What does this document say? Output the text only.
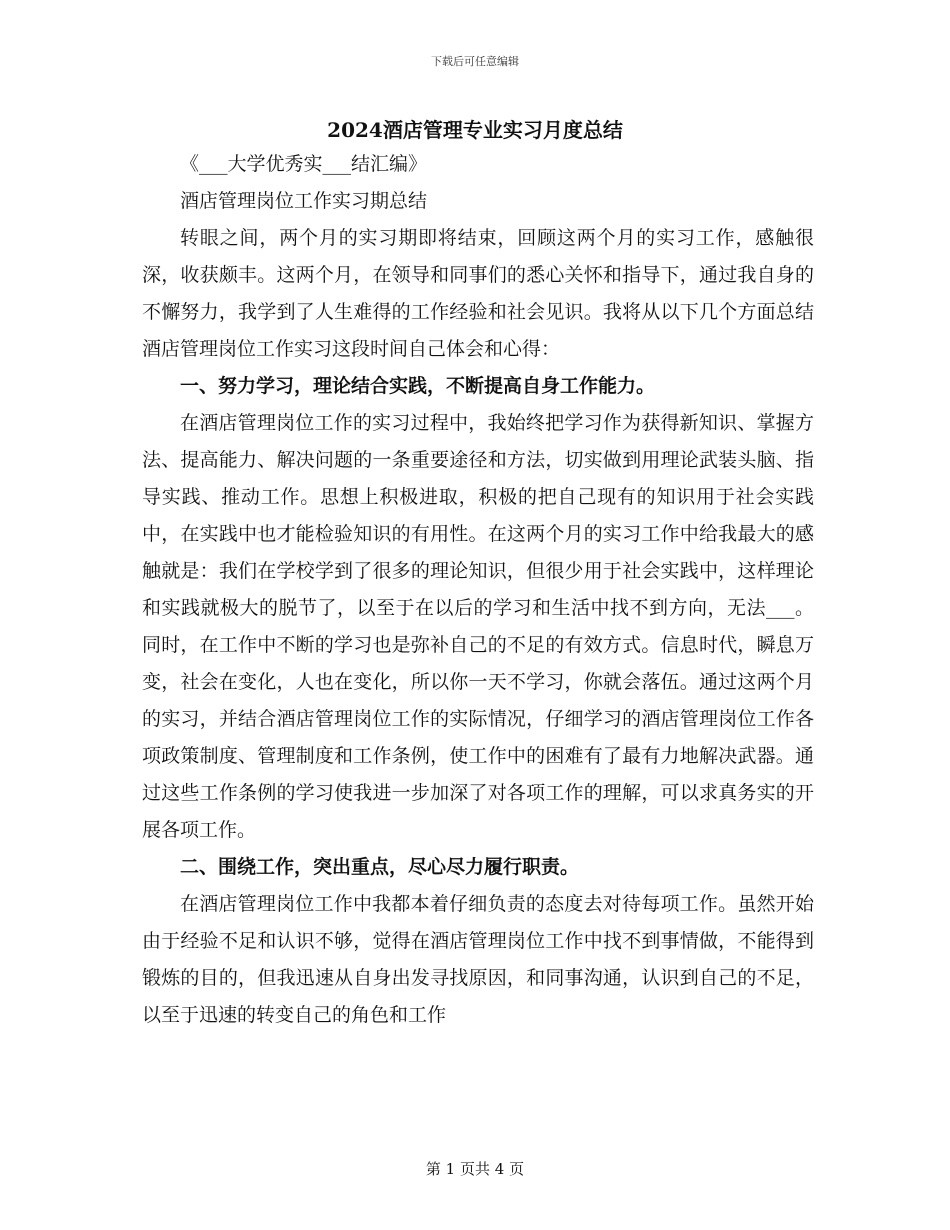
下载后可任意编辑
2024酒店管理专业实习月度总结

《___大学优秀实___结汇编》

酒店管理岗位工作实习期总结

转眼之间，两个月的实习期即将结束，回顾这两个月的实习工作，感触很深，收获颇丰。这两个月，在领导和同事们的悉心关怀和指导下，通过我自身的不懈努力，我学到了人生难得的工作经验和社会见识。我将从以下几个方面总结酒店管理岗位工作实习这段时间自己体会和心得：

一、努力学习，理论结合实践，不断提高自身工作能力。

在酒店管理岗位工作的实习过程中，我始终把学习作为获得新知识、掌握方法、提高能力、解决问题的一条重要途径和方法，切实做到用理论武装头脑、指导实践、推动工作。思想上积极进取，积极的把自己现有的知识用于社会实践中，在实践中也才能检验知识的有用性。在这两个月的实习工作中给我最大的感触就是：我们在学校学到了很多的理论知识，但很少用于社会实践中，这样理论和实践就极大的脱节了，以至于在以后的学习和生活中找不到方向，无法___。同时，在工作中不断的学习也是弥补自己的不足的有效方式。信息时代，瞬息万变，社会在变化，人也在变化，所以你一天不学习，你就会落伍。通过这两个月的实习，并结合酒店管理岗位工作的实际情况，仔细学习的酒店管理岗位工作各项政策制度、管理制度和工作条例，使工作中的困难有了最有力地解决武器。通过这些工作条例的学习使我进一步加深了对各项工作的理解，可以求真务实的开展各项工作。

二、围绕工作，突出重点，尽心尽力履行职责。

在酒店管理岗位工作中我都本着仔细负责的态度去对待每项工作。虽然开始由于经验不足和认识不够，觉得在酒店管理岗位工作中找不到事情做，不能得到锻炼的目的，但我迅速从自身出发寻找原因，和同事沟通，认识到自己的不足，以至于迅速的转变自己的角色和工作

第 1 页共 4 页
